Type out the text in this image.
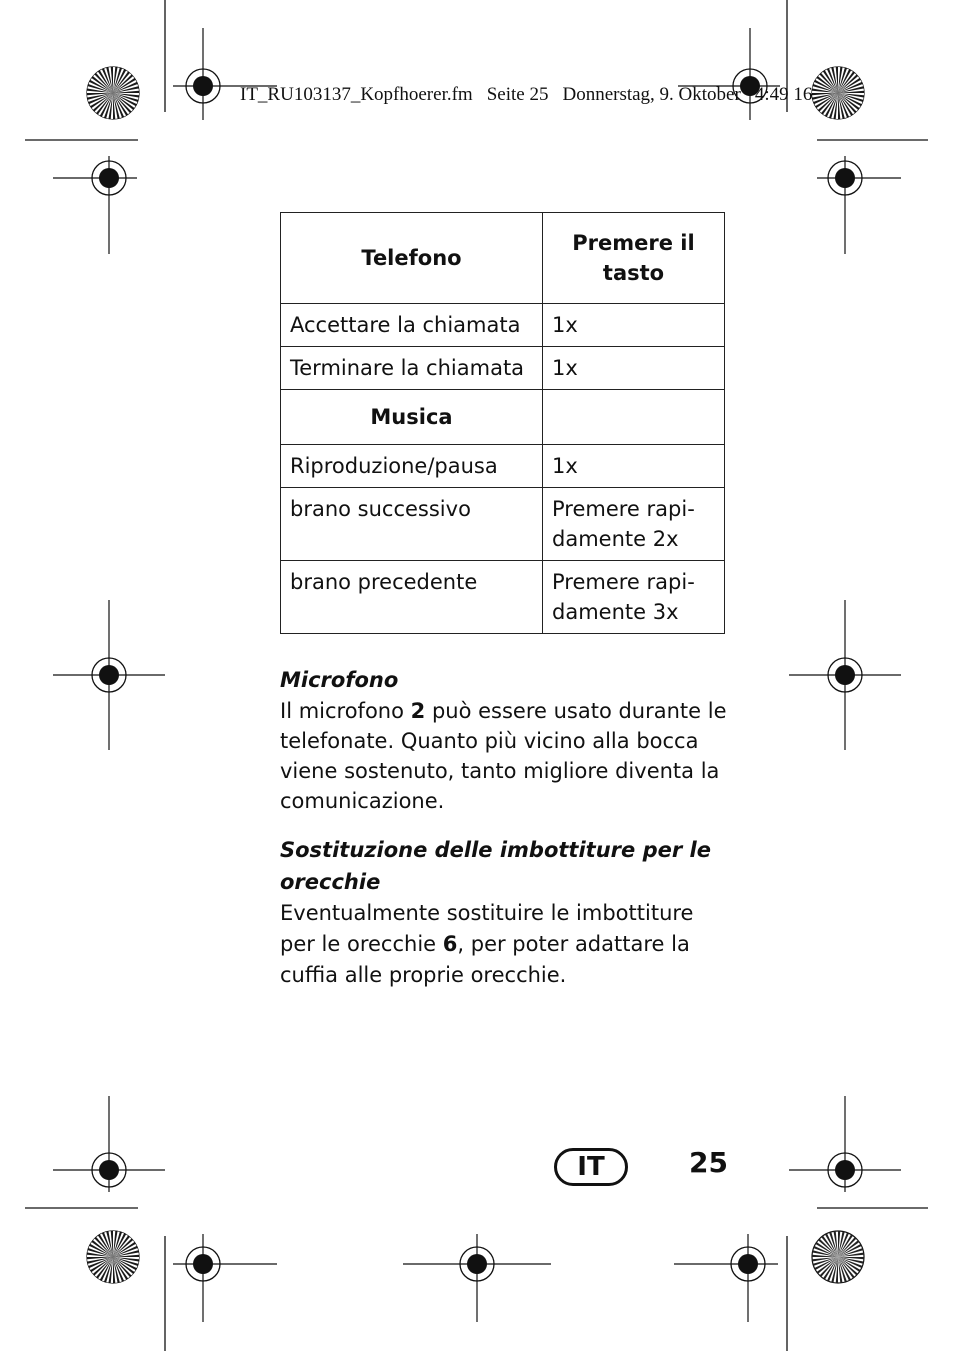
IT_RU103137_Kopfhoerer.fm Seite 25 Donnerstag, 9. Oktober 4:49 16
Telefono	Premere il tasto
Accettare la chiamata	1x
Terminare la chiamata	1x
Musica	
Riproduzione/pausa	1x
brano successivo	Premere rapi-damente 2x
brano precedente	Premere rapi-damente 3x
Microfono

Il microfono 2 può essere usato durante le telefonate. Quanto più vicino alla bocca viene sostenuto, tanto migliore diventa la comunicazione.

Sostituzione delle imbottiture per le orecchie

Eventualmente sostituire le imbottiture per le orecchie 6, per poter adattare la cuffia alle proprie orecchie.

IT	25
